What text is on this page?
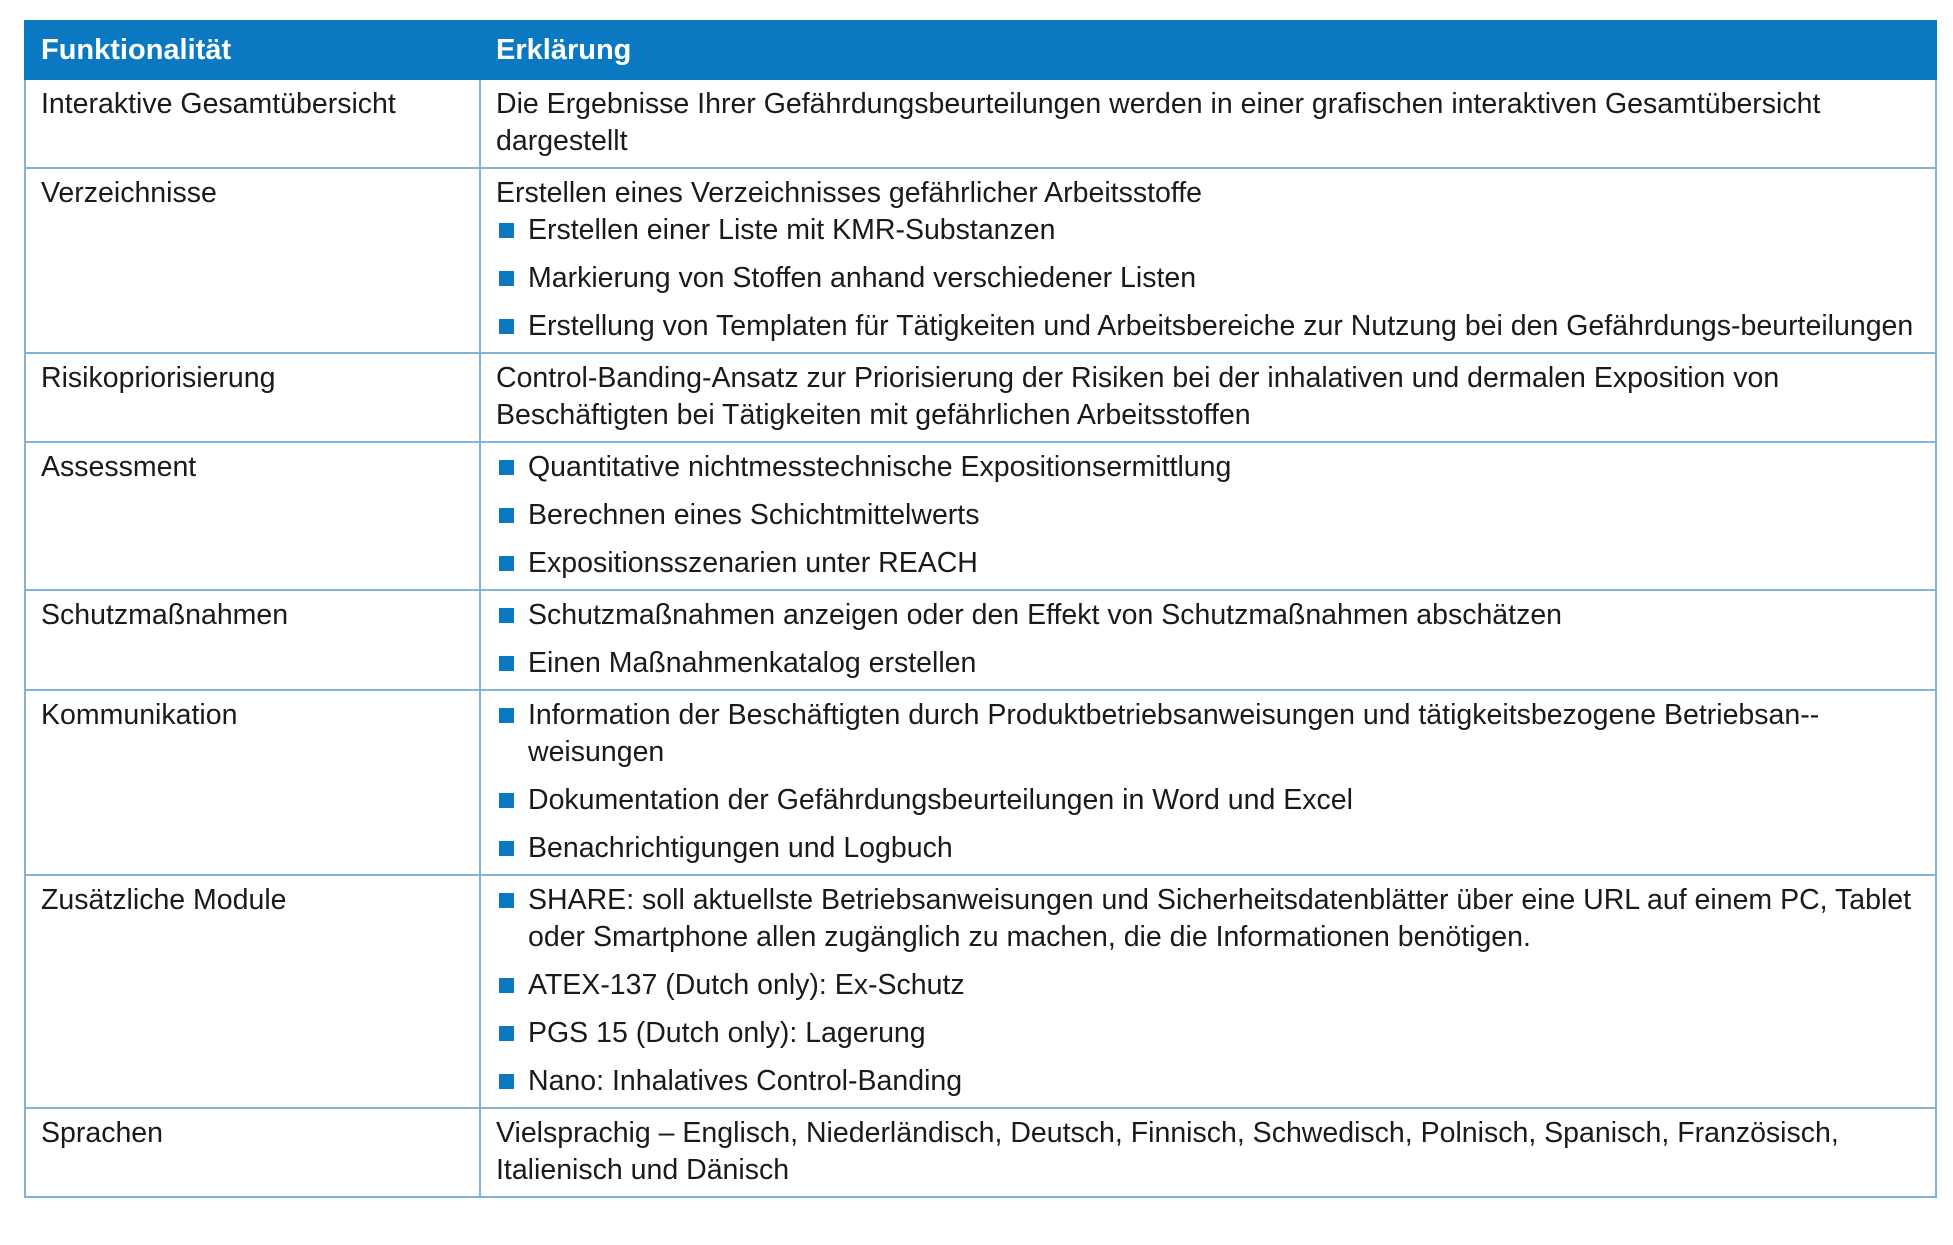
Funktionalität	Erklärung
Interaktive Gesamtübersicht	Die Ergebnisse Ihrer Gefährdungsbeurteilungen werden in einer grafischen interaktiven Gesamtübersicht dargestellt

Verzeichnisse	Erstellen eines Verzeichnisses gefährlicher Arbeitsstoffe
Erstellen einer Liste mit KMR-Substanzen
Markierung von Stoffen anhand verschiedener Listen
Erstellung von Templaten für Tätigkeiten und Arbeitsbereiche zur Nutzung bei den Gefährdungs-beurteilungen

Risikopriorisierung	Control-Banding-Ansatz zur Priorisierung der Risiken bei der inhalativen und dermalen Exposition von Beschäftigten bei Tätigkeiten mit gefährlichen Arbeitsstoffen

Assessment	Quantitative nichtmesstechnische Expositionsermittlung
Berechnen eines Schichtmittelwerts
Expositionsszenarien unter REACH

Schutzmaßnahmen	Schutzmaßnahmen anzeigen oder den Effekt von Schutzmaßnahmen abschätzen
Einen Maßnahmenkatalog erstellen

Kommunikation	Information der Beschäftigten durch Produktbetriebsanweisungen und tätigkeitsbezogene Betriebsan-weisungen
Dokumentation der Gefährdungsbeurteilungen in Word und Excel
Benachrichtigungen und Logbuch

Zusätzliche Module	SHARE: soll aktuellste Betriebsanweisungen und Sicherheitsdatenblätter über eine URL auf einem PC, Tablet oder Smartphone allen zugänglich zu machen, die die Informationen benötigen.
ATEX-137 (Dutch only): Ex-Schutz
PGS 15 (Dutch only): Lagerung
Nano: Inhalatives Control-Banding

Sprachen	Vielsprachig – Englisch, Niederländisch, Deutsch, Finnisch, Schwedisch, Polnisch, Spanisch, Französisch, Italienisch und Dänisch
